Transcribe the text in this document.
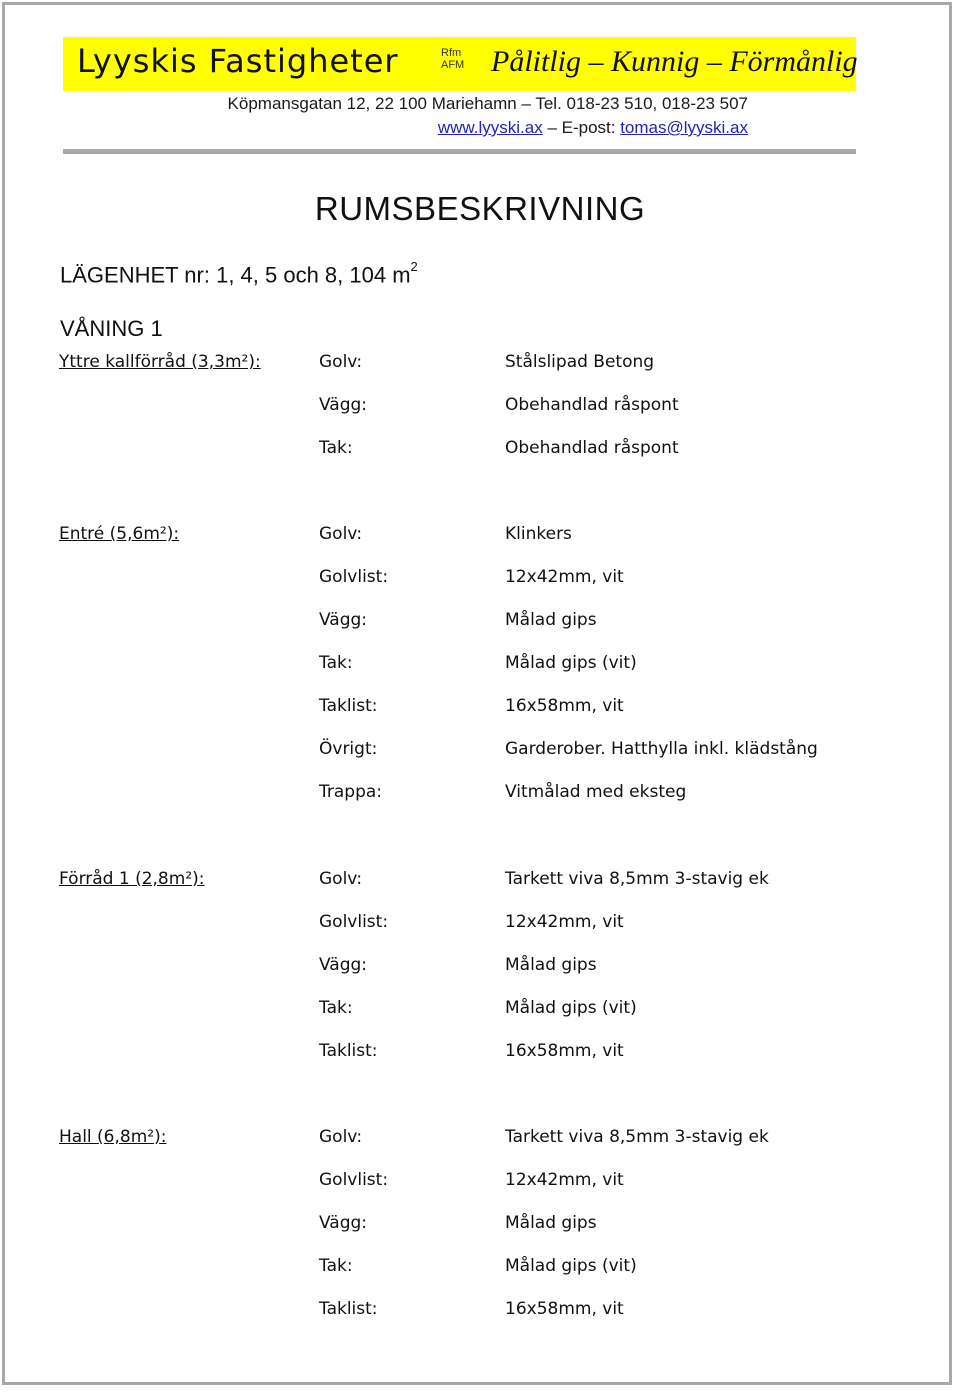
Lyyskis Fastigheter	Rfm
AFM Pålitlig – Kunnig – Förmånlig
Köpmansgatan 12, 22 100 Mariehamn – Tel. 018-23 510, 018-23 507
www.lyyski.ax – E-post: tomas@lyyski.ax
RUMSBESKRIVNING
LÄGENHET nr: 1, 4, 5 och 8, 104 $m^2$
VÅNING 1
Yttre kallförråd (3,3m²):	Golv:	Stålslipad Betong
Vägg:	Obehandlad råspont
Tak:	Obehandlad råspont
Entré (5,6m²):	Golv:	Klinkers
Golvlist:	12x42mm, vit
Vägg:	Målad gips
Tak:	Målad gips (vit)
Taklist:	16x58mm, vit
Övrigt:	Garderober. Hatthylla inkl. klädstång
Trappa:	Vitmålad med eksteg
Förråd 1 (2,8m²):	Golv:	Tarkett viva 8,5mm 3-stavig ek
Golvlist:	12x42mm, vit
Vägg:	Målad gips
Tak:	Målad gips (vit)
Taklist:	16x58mm, vit
Hall (6,8m²):	Golv:	Tarkett viva 8,5mm 3-stavig ek
Golvlist:	12x42mm, vit
Vägg:	Målad gips
Tak:	Målad gips (vit)
Taklist:	16x58mm, vit
